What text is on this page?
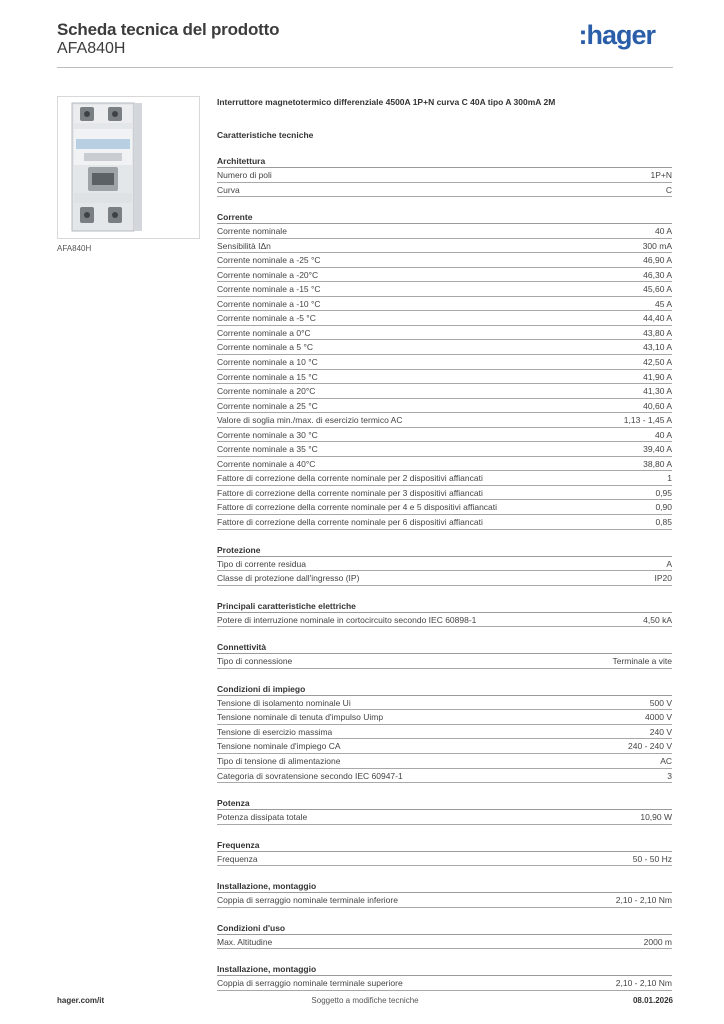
Scheda tecnica del prodotto
AFA840H	:hager
AFA840H
Interruttore magnetotermico differenziale 4500A 1P+N curva C 40A tipo A 300mA 2M
Caratteristiche tecniche
Architettura
Numero di poli	1P+N
Curva	C
Corrente
Corrente nominale	40 A
Sensibilità IΔn	300 mA
Corrente nominale a -25 °C	46,90 A
Corrente nominale a -20°C	46,30 A
Corrente nominale a -15 °C	45,60 A
Corrente nominale a -10 °C	45 A
Corrente nominale a -5 °C	44,40 A
Corrente nominale a 0°C	43,80 A
Corrente nominale a 5 °C	43,10 A
Corrente nominale a 10 °C	42,50 A
Corrente nominale a 15 °C	41,90 A
Corrente nominale a 20°C	41,30 A
Corrente nominale a 25 °C	40,60 A
Valore di soglia min./max. di esercizio termico AC	1,13 - 1,45 A
Corrente nominale a 30 °C	40 A
Corrente nominale a 35 °C	39,40 A
Corrente nominale a 40°C	38,80 A
Fattore di correzione della corrente nominale per 2 dispositivi affiancati	1
Fattore di correzione della corrente nominale per 3 dispositivi affiancati	0,95
Fattore di correzione della corrente nominale per 4 e 5 dispositivi affiancati	0,90
Fattore di correzione della corrente nominale per 6 dispositivi affiancati	0,85
Protezione
Tipo di corrente residua	A
Classe di protezione dall'ingresso (IP)	IP20
Principali caratteristiche elettriche
Potere di interruzione nominale in cortocircuito secondo IEC 60898-1	4,50 kA
Connettività
Tipo di connessione	Terminale a vite
Condizioni di impiego
Tensione di isolamento nominale Ui	500 V
Tensione nominale di tenuta d'impulso Uimp	4000 V
Tensione di esercizio massima	240 V
Tensione nominale d'impiego CA	240 - 240 V
Tipo di tensione di alimentazione	AC
Categoria di sovratensione secondo IEC 60947-1	3
Potenza
Potenza dissipata totale	10,90 W
Frequenza
Frequenza	50 - 50 Hz
Installazione, montaggio
Coppia di serraggio nominale terminale inferiore	2,10 - 2,10 Nm
Condizioni d'uso
Max. Altitudine	2000 m
Installazione, montaggio
Coppia di serraggio nominale terminale superiore	2,10 - 2,10 Nm
Soggetto a modifiche tecniche
hager.com/it	08.01.2026
